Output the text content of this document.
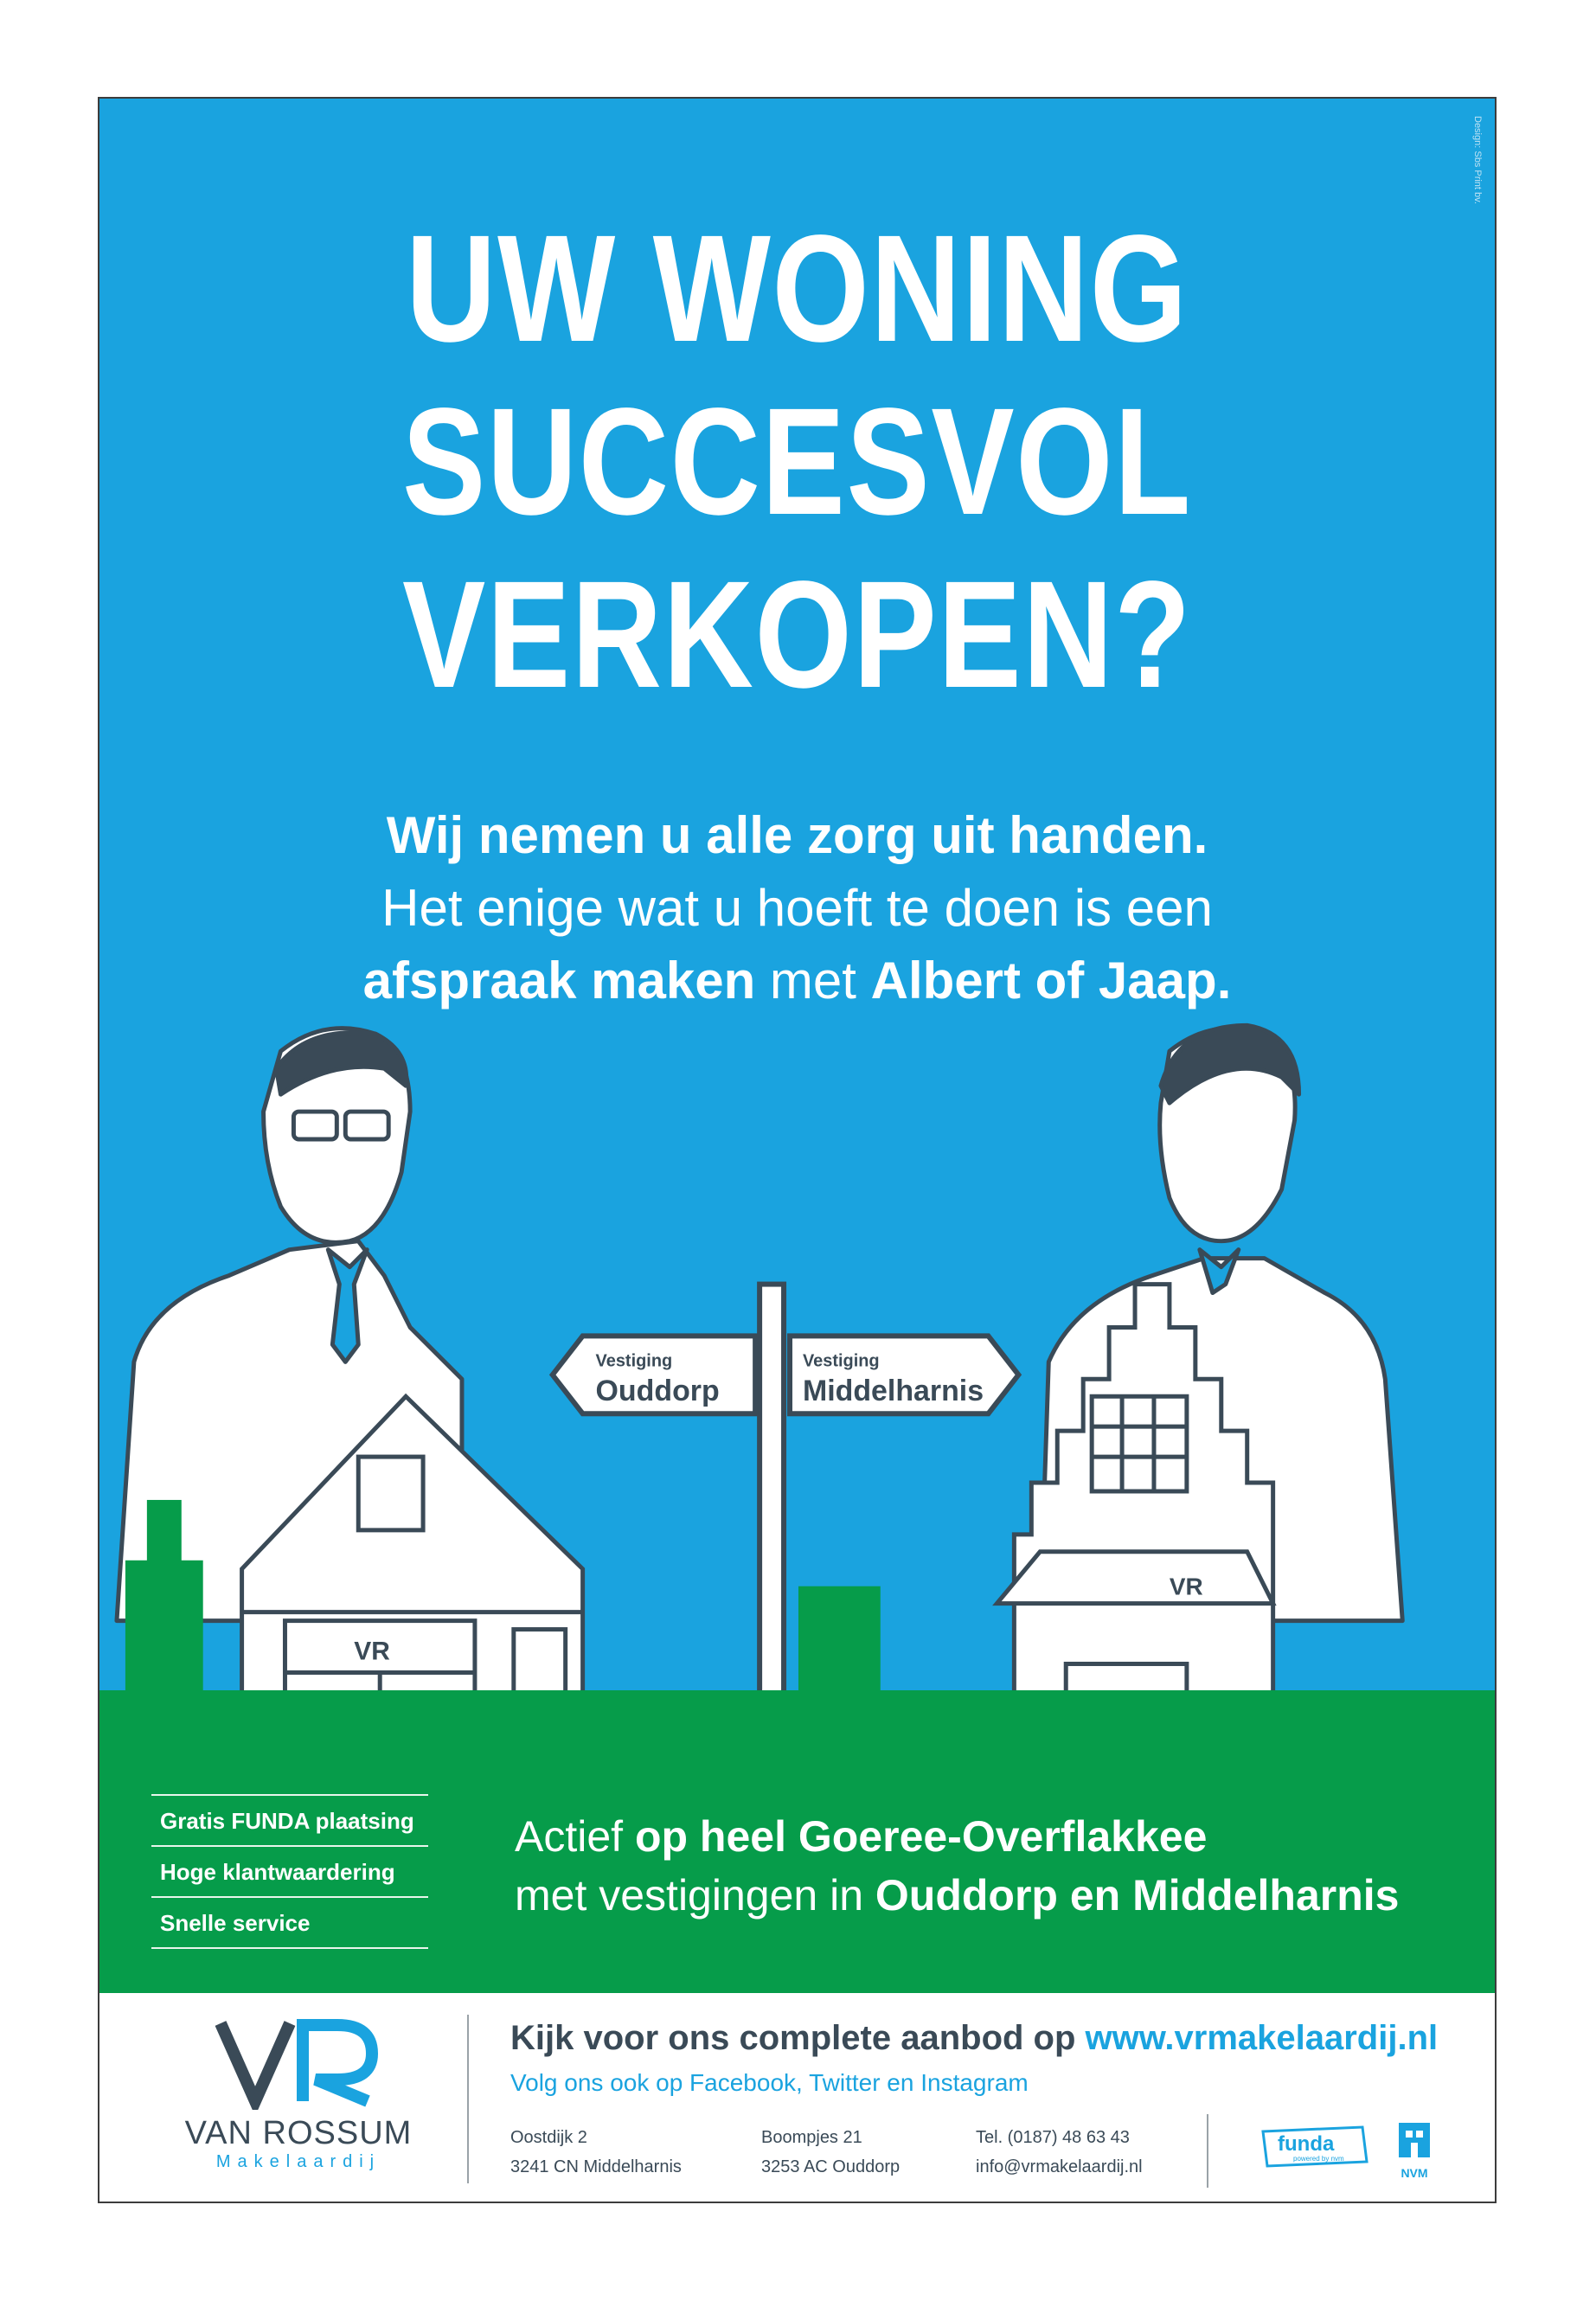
Design: Sbs Print bv.
UW WONING
SUCCESVOL
VERKOPEN?
Wij nemen u alle zorg uit handen.
Het enige wat u hoeft te doen is een
afspraak maken met Albert of Jaap.
VR
Vestiging
Ouddorp
Vestiging
Middelharnis
VR
Gratis FUNDA plaatsing
Hoge klantwaardering
Snelle service
Actief op heel Goeree-Overflakkee
met vestigingen in Ouddorp en Middelharnis
VAN ROSSUM
Makelaardij
Kijk voor ons complete aanbod op www.vrmakelaardij.nl
Volg ons ook op Facebook, Twitter en Instagram
Oostdijk 2
3241 CN Middelharnis
Boompjes 21
3253 AC Ouddorp
Tel. (0187) 48 63 43
info@vrmakelaardij.nl
funda
powered by nvm
NVM
